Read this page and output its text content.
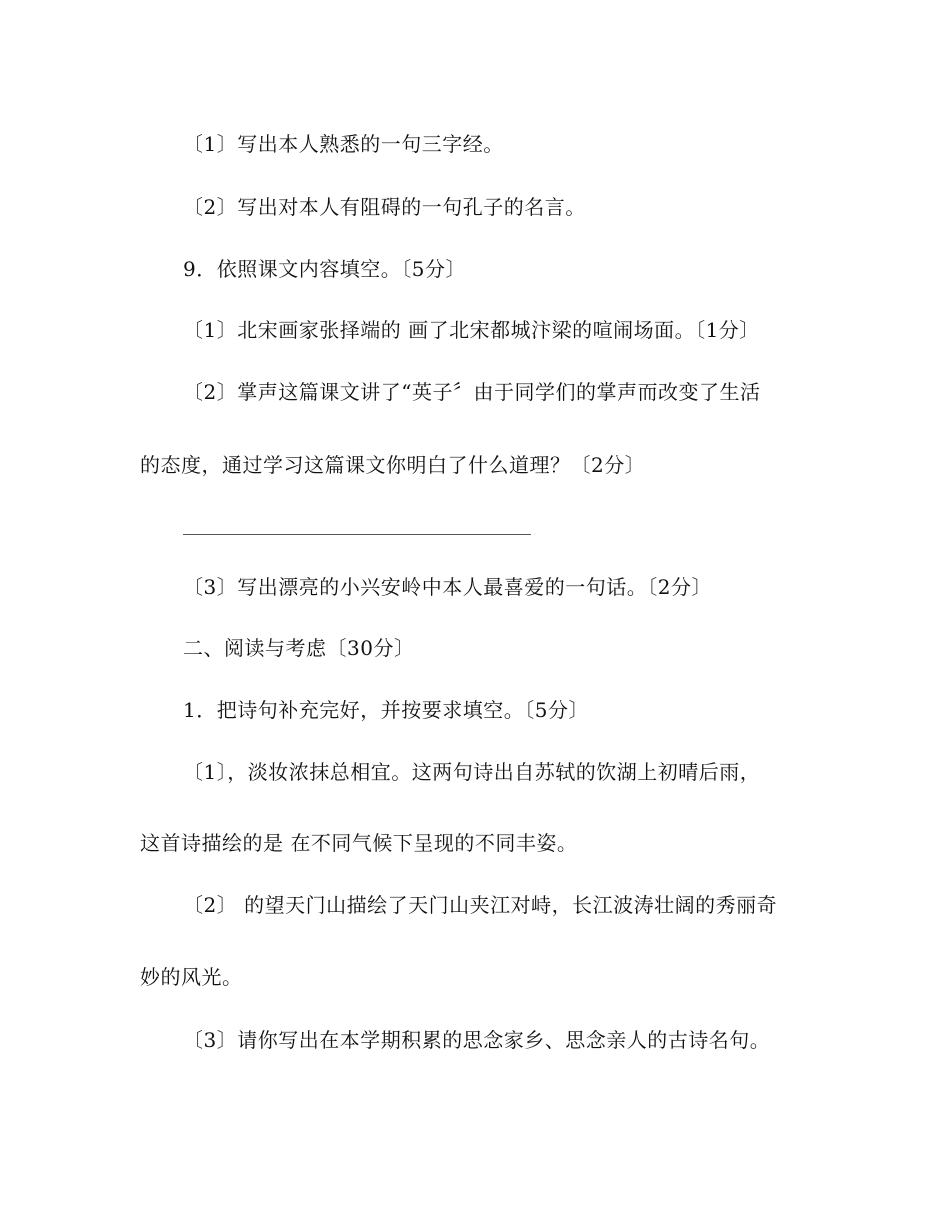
〔1〕写出本人熟悉的一句三字经。
〔2〕写出对本人有阻碍的一句孔子的名言。
9．依照课文内容填空。〔5分〕
〔1〕北宋画家张择端的 画了北宋都城汴梁的喧闹场面。〔1分〕
〔2〕掌声这篇课文讲了“英子〞由于同学们的掌声而改变了生活
的态度，通过学习这篇课文你明白了什么道理？〔2分〕
〔3〕写出漂亮的小兴安岭中本人最喜爱的一句话。〔2分〕
二、阅读与考虑〔30分〕
1．把诗句补充完好，并按要求填空。〔5分〕
〔1〕，淡妆浓抹总相宜。这两句诗出自苏轼的饮湖上初晴后雨，
这首诗描绘的是 在不同气候下呈现的不同丰姿。
〔2〕 的望天门山描绘了天门山夹江对峙，长江波涛壮阔的秀丽奇
妙的风光。
〔3〕请你写出在本学期积累的思念家乡、思念亲人的古诗名句。
